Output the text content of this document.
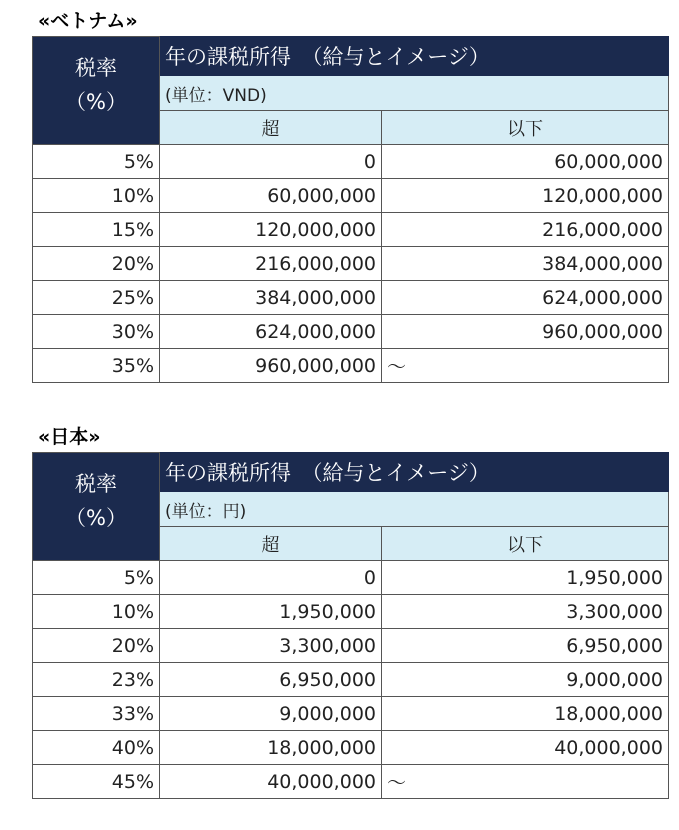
«ベトナム»
税率
（%）	年の課税所得　（給与とイメージ）	
	(単位：VND)	
	超	以下
5%	0	60,000,000
10%	60,000,000	120,000,000
15%	120,000,000	216,000,000
20%	216,000,000	384,000,000
25%	384,000,000	624,000,000
30%	624,000,000	960,000,000
35%	960,000,000	～
«日本»
税率
（%）	年の課税所得　（給与とイメージ）	
	(単位：円)	
	超	以下
5%	0	1,950,000
10%	1,950,000	3,300,000
20%	3,300,000	6,950,000
23%	6,950,000	9,000,000
33%	9,000,000	18,000,000
40%	18,000,000	40,000,000
45%	40,000,000	～
